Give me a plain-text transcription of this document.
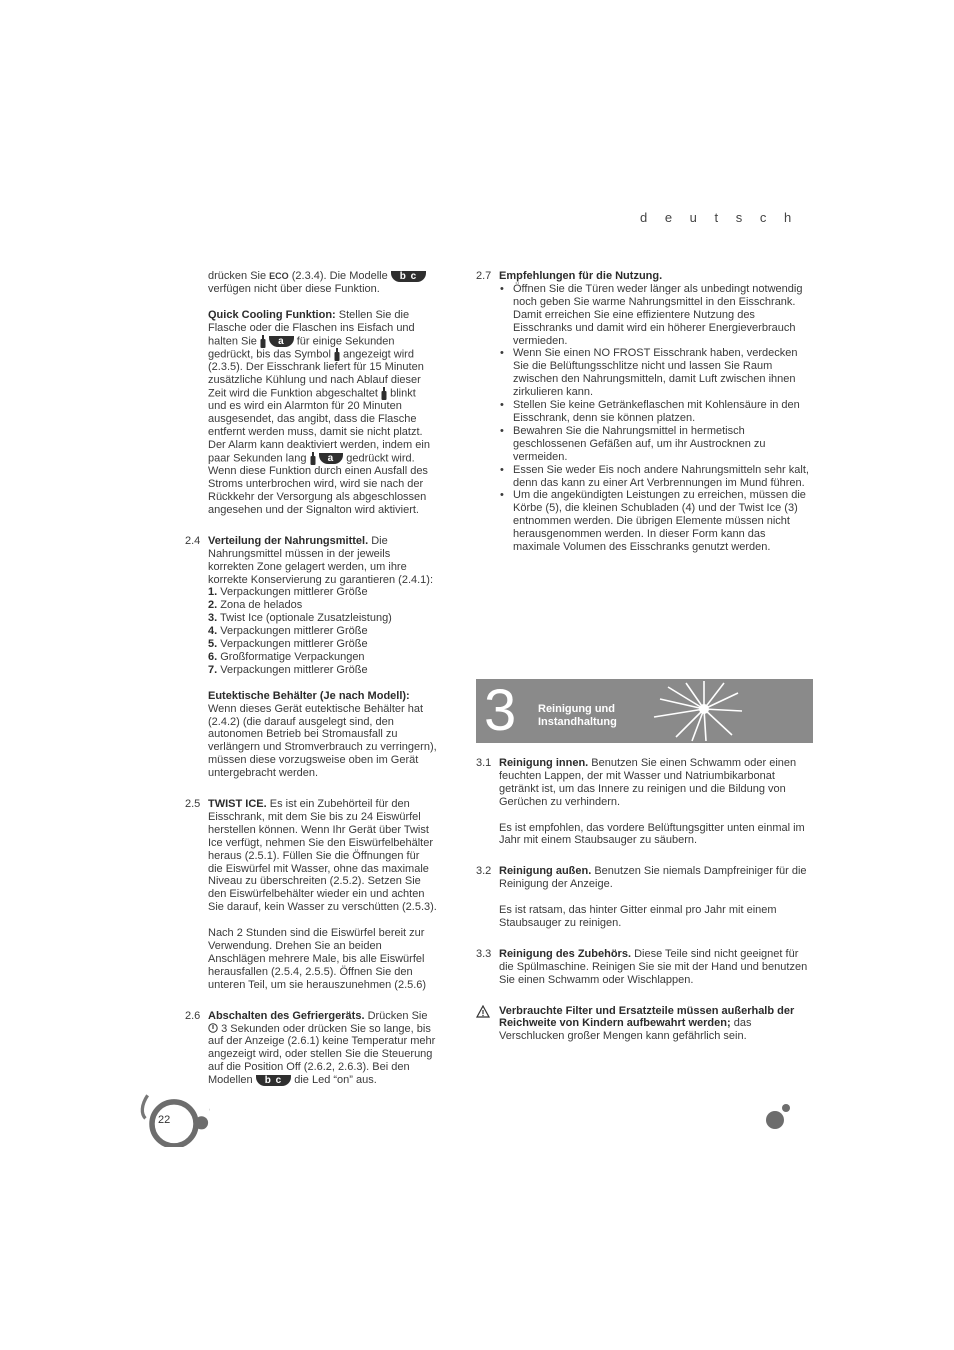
d e u t s c h
drücken Sie ECO (2.3.4). Die Modelle b c verfügen nicht über diese Funktion.
Quick Cooling Funktion: Stellen Sie die Flasche oder die Flaschen ins Eisfach und halten Sie a für einige Sekunden gedrückt, bis das Symbol angezeigt wird (2.3.5). Der Eisschrank liefert für 15 Minuten zusätzliche Kühlung und nach Ablauf dieser Zeit wird die Funktion abgeschaltet blinkt und es wird ein Alarmton für 20 Minuten ausgesendet, das angibt, dass die Flasche entfernt werden muss, damit sie nicht platzt. Der Alarm kann deaktiviert werden, indem ein paar Sekunden lang a gedrückt wird. Wenn diese Funktion durch einen Ausfall des Stroms unterbrochen wird, wird sie nach der Rückkehr der Versorgung als abgeschlossen angesehen und der Signalton wird aktiviert.
2.4 Verteilung der Nahrungsmittel. Die Nahrungsmittel müssen in der jeweils korrekten Zone gelagert werden, um ihre korrekte Konservierung zu garantieren (2.4.1):
1. Verpackungen mittlerer Größe
2. Zona de helados
3. Twist Ice (optionale Zusatzleistung)
4. Verpackungen mittlerer Größe
5. Verpackungen mittlerer Größe
6. Großformatige Verpackungen
7. Verpackungen mittlerer Größe
Eutektische Behälter (Je nach Modell):
Wenn dieses Gerät eutektische Behälter hat (2.4.2) (die darauf ausgelegt sind, den autonomen Betrieb bei Stromausfall zu verlängern und Stromverbrauch zu verringern), müssen diese vorzugsweise oben im Gerät untergebracht werden.
2.5 TWIST ICE. Es ist ein Zubehörteil für den Eisschrank, mit dem Sie bis zu 24 Eiswürfel herstellen können. Wenn Ihr Gerät über Twist Ice verfügt, nehmen Sie den Eiswürfelbehälter heraus (2.5.1). Füllen Sie die Öffnungen für die Eiswürfel mit Wasser, ohne das maximale Niveau zu überschreiten (2.5.2). Setzen Sie den Eiswürfelbehälter wieder ein und achten Sie darauf, kein Wasser zu verschütten (2.5.3).
Nach 2 Stunden sind die Eiswürfel bereit zur Verwendung. Drehen Sie an beiden Anschlägen mehrere Male, bis alle Eiswürfel herausfallen (2.5.4, 2.5.5). Öffnen Sie den unteren Teil, um sie herauszunehmen (2.5.6)
2.6 Abschalten des Gefriergeräts. Drücken Sie  3 Sekunden oder drücken Sie so lange, bis auf der Anzeige (2.6.1) keine Temperatur mehr angezeigt wird, oder stellen Sie die Steuerung auf die Position Off (2.6.2, 2.6.3). Bei den Modellen b c die Led “on” aus.
2.7 Empfehlungen für die Nutzung.
• Öffnen Sie die Türen weder länger als unbedingt notwendig noch geben Sie warme Nahrungsmittel in den Eisschrank. Damit erreichen Sie eine effizientere Nutzung des Eisschranks und damit wird ein höherer Energieverbrauch vermieden.
• Wenn Sie einen NO FROST Eisschrank haben, verdecken Sie die Belüftungsschlitze nicht und lassen Sie Raum zwischen den Nahrungsmitteln, damit Luft zwischen ihnen zirkulieren kann.
• Stellen Sie keine Getränkeflaschen mit Kohlensäure in den Eisschrank, denn sie können platzen.
• Bewahren Sie die Nahrungsmittel in hermetisch geschlossenen Gefäßen auf, um ihr Austrocknen zu vermeiden.
• Essen Sie weder Eis noch andere Nahrungsmitteln sehr kalt, denn das kann zu einer Art Verbrennungen im Mund führen.
• Um die angekündigten Leistungen zu erreichen, müssen die Körbe (5), die kleinen Schubladen (4) und der Twist Ice (3) entnommen werden. Die übrigen Elemente müssen nicht herausgenommen werden. In dieser Form kann das maximale Volumen des Eisschranks genutzt werden.
3 Reinigung und
Instandhaltung
3.1 Reinigung innen. Benutzen Sie einen Schwamm oder einen feuchten Lappen, der mit Wasser und Natriumbikarbonat getränkt ist, um das Innere zu reinigen und die Bildung von Gerüchen zu verhindern.
Es ist empfohlen, das vordere Belüftungsgitter unten einmal im Jahr mit einem Staubsauger zu säubern.
3.2 Reinigung außen. Benutzen Sie niemals Dampfreiniger für die Reinigung der Anzeige.
Es ist ratsam, das hinter Gitter einmal pro Jahr mit einem Staubsauger zu reinigen.
3.3 Reinigung des Zubehörs. Diese Teile sind nicht geeignet für die Spülmaschine. Reinigen Sie sie mit der Hand und benutzen Sie einen Schwamm oder Wischlappen.
Verbrauchte Filter und Ersatzteile müssen außerhalb der Reichweite von Kindern aufbewahrt werden; das Verschlucken großer Mengen kann gefährlich sein.
22
